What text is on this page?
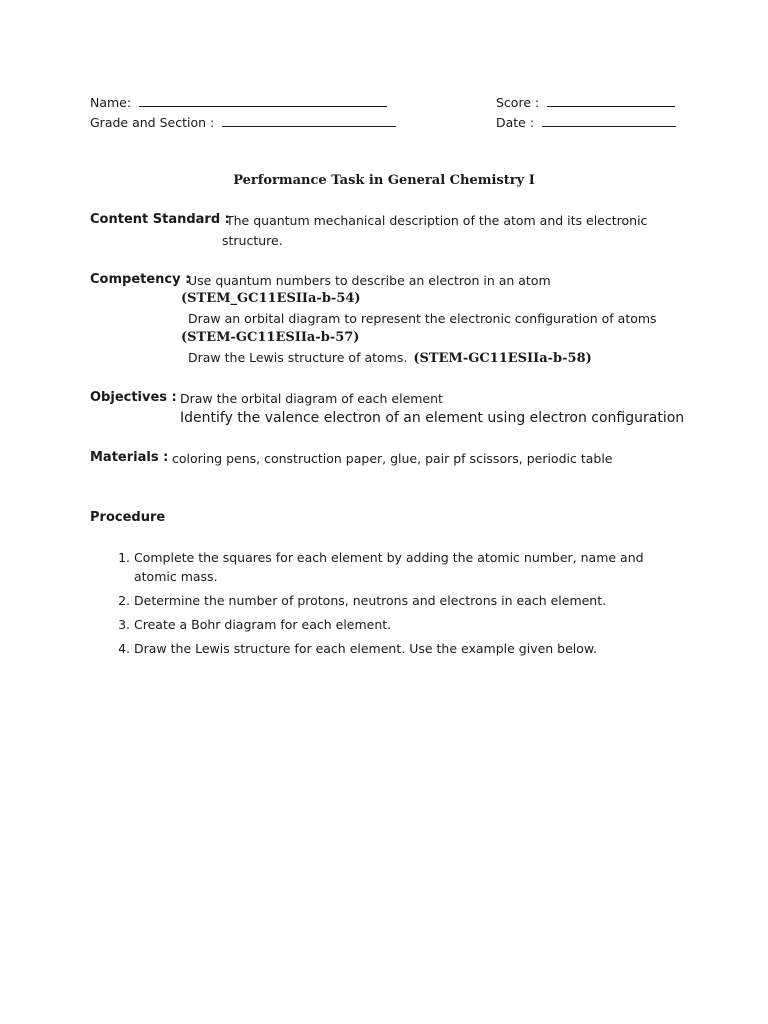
Name:
Grade and Section :
Score :
Date :
Performance Task in General Chemistry I
Content Standard :
The quantum mechanical description of the atom and its electronic
structure.
Competency :
Use quantum numbers to describe an electron in an atom
(STEM_GC11ESIIa-b-54)
Draw an orbital diagram to represent the electronic configuration of atoms
(STEM-GC11ESIIa-b-57)
Draw the Lewis structure of atoms. (STEM-GC11ESIIa-b-58)
Objectives : Draw the orbital diagram of each element
Identify the valence electron of an element using electron configuration
Materials : coloring pens, construction paper, glue, pair pf scissors, periodic table
Procedure
1. Complete the squares for each element by adding the atomic number, name and atomic mass.
2. Determine the number of protons, neutrons and electrons in each element.
3. Create a Bohr diagram for each element.
4. Draw the Lewis structure for each element. Use the example given below.
